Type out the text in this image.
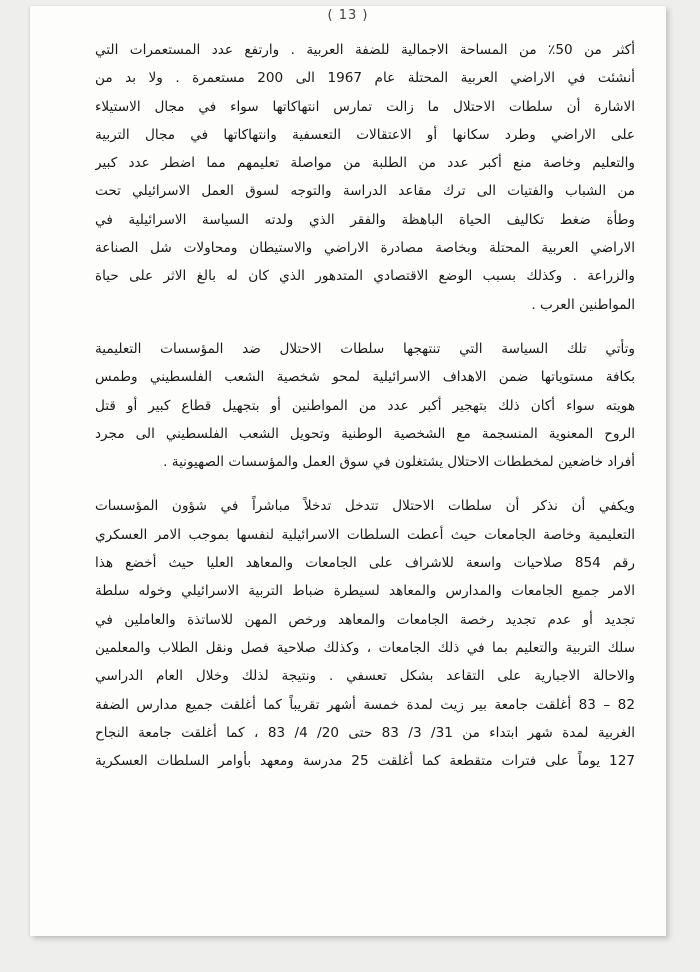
( 13 )
أكثر من 50٪ من المساحة الاجمالية للضفة العربية . وارتفع عدد المستعمرات التي
أنشئت في الاراضي العربية المحتلة عام 1967 الى 200 مستعمرة . ولا بد من
الاشارة أن سلطات الاحتلال ما زالت تمارس انتهاكاتها سواء في مجال الاستيلاء
على الاراضي وطرد سكانها أو الاعتقالات التعسفية وانتهاكاتها في مجال التربية
والتعليم وخاصة منع أكبر عدد من الطلبة من مواصلة تعليمهم مما اضطر عدد كبير
من الشباب والفتيات الى ترك مقاعد الدراسة والتوجه لسوق العمل الاسرائيلي تحت
وطأة ضغط تكاليف الحياة الباهظة والفقر الذي ولدته السياسة الاسرائيلية في
الاراضي العربية المحتلة وبخاصة مصادرة الاراضي والاستيطان ومحاولات شل الصناعة
والزراعة . وكذلك بسبب الوضع الاقتصادي المتدهور الذي كان له بالغ الاثر على حياة
المواطنين العرب .
وتأتي تلك السياسة التي تنتهجها سلطات الاحتلال ضد المؤسسات التعليمية
بكافة مستوياتها ضمن الاهداف الاسرائيلية لمحو شخصية الشعب الفلسطيني وطمس
هويته سواء أكان ذلك بتهجير أكبر عدد من المواطنين أو بتجهيل قطاع كبير أو قتل
الروح المعنوية المنسجمة مع الشخصية الوطنية وتحويل الشعب الفلسطيني الى مجرد
أفراد خاضعين لمخططات الاحتلال يشتغلون في سوق العمل والمؤسسات الصهيونية .
ويكفي أن نذكر أن سلطات الاحتلال تتدخل تدخلاً مباشراً في شؤون المؤسسات
التعليمية وخاصة الجامعات حيث أعطت السلطات الاسرائيلية لنفسها بموجب الامر العسكري
رقم 854 صلاحيات واسعة للاشراف على الجامعات والمعاهد العليا حيث أخضع هذا
الامر جميع الجامعات والمدارس والمعاهد لسيطرة ضباط التربية الاسرائيلي وخوله سلطة
تجديد أو عدم تجديد رخصة الجامعات والمعاهد ورخص المهن للاساتذة والعاملين في
سلك التربية والتعليم بما في ذلك الجامعات ، وكذلك صلاحية فصل ونقل الطلاب والمعلمين
والاحالة الاجبارية على التقاعد بشكل تعسفي . ونتيجة لذلك وخلال العام الدراسي
82 – 83 أغلقت جامعة بير زيت لمدة خمسة أشهر تقريباً كما أغلقت جميع مدارس الضفة
الغربية لمدة شهر ابتداء من 31/ 3/ 83 حتى 20/ 4/ 83 ، كما أغلقت جامعة النجاح
127 يوماً على فترات متقطعة كما أغلقت 25 مدرسة ومعهد بأوامر السلطات العسكرية
